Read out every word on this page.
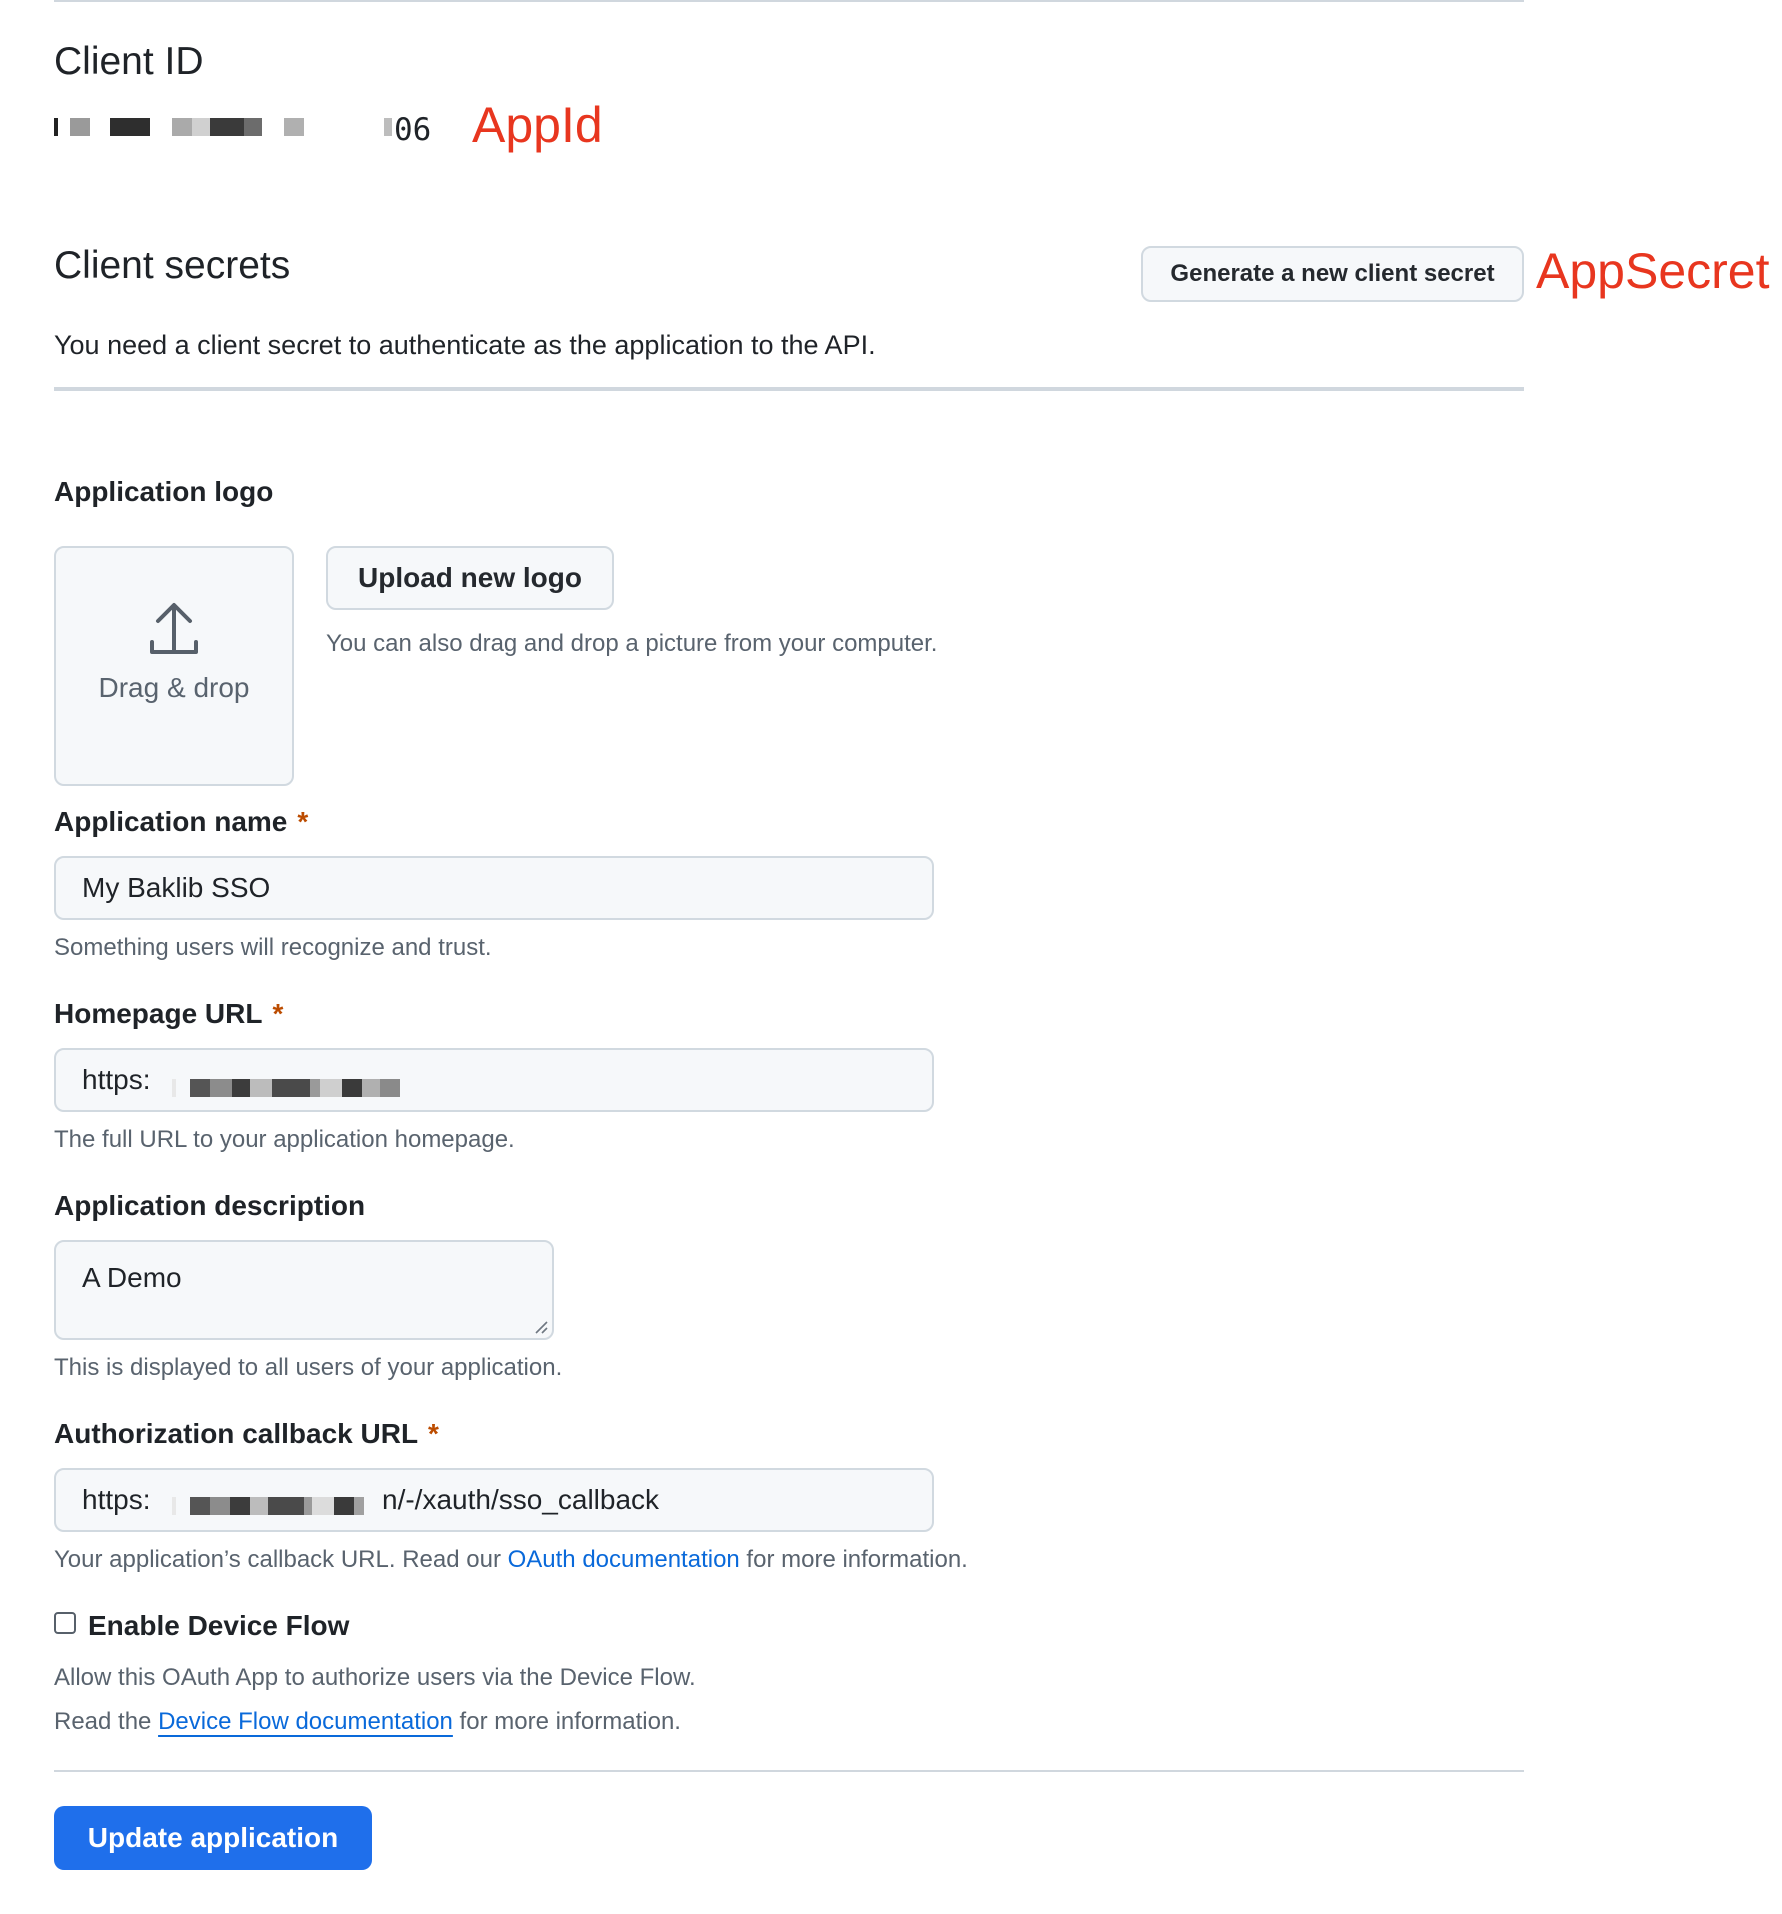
Client ID
06 AppId
Client secrets	Generate a new client secret AppSecret
You need a client secret to authenticate as the application to the API.
Application logo
Drag & drop
Upload new logo
You can also drag and drop a picture from your computer.
Application name *
My Baklib SSO
Something users will recognize and trust.
Homepage URL *
https:
The full URL to your application homepage.
Application description
A Demo
This is displayed to all users of your application.
Authorization callback URL *
https:	n/-/xauth/sso_callback
Your application’s callback URL. Read our OAuth documentation for more information.
Enable Device Flow
Allow this OAuth App to authorize users via the Device Flow.
Read the Device Flow documentation for more information.
Update application
